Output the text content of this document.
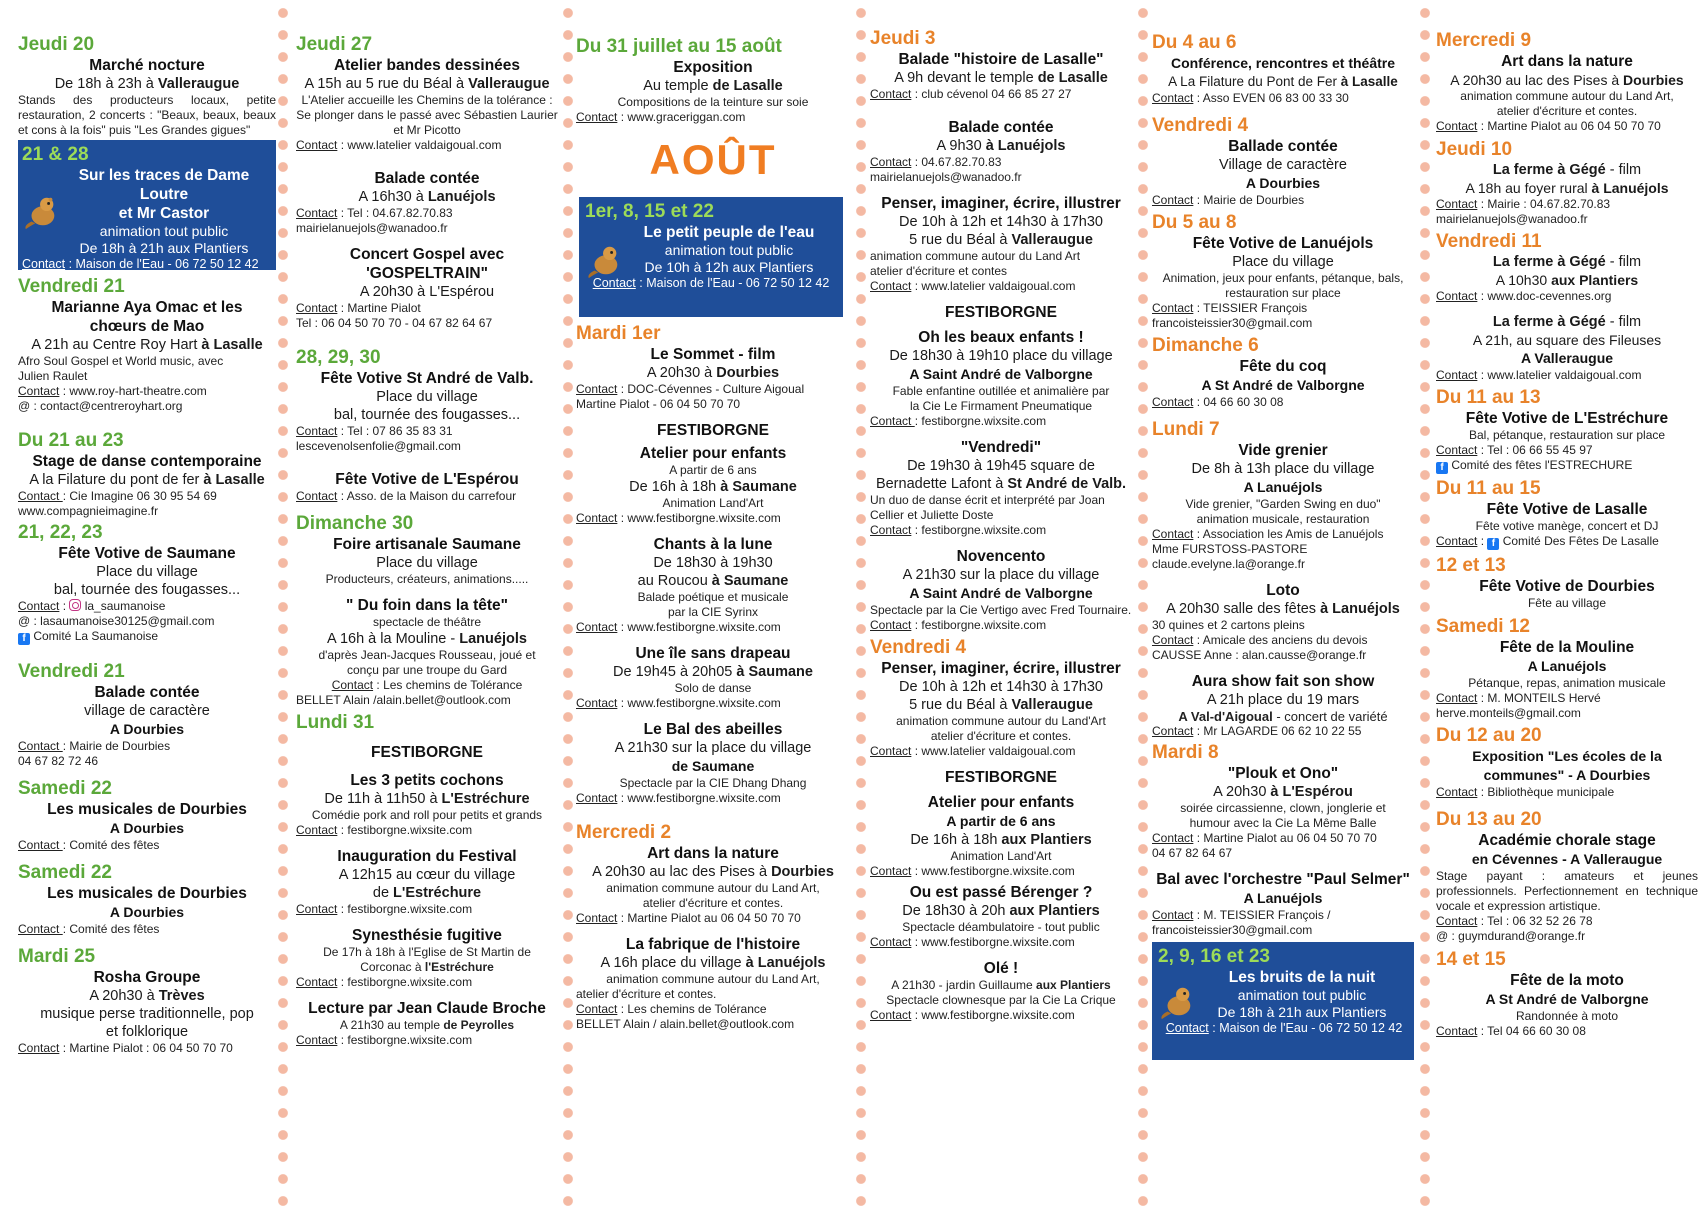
Jeudi 20
Marché nocture
De 18h à 23h à Valleraugue
Stands des producteurs locaux, petite restauration, 2 concerts : "Beaux, beaux, beaux et cons à la fois" puis "Les Grandes gigues"
21 & 28
Sur les traces de Dame Loutre
et Mr Castor
animation tout public
De 18h à 21h aux Plantiers
Contact : Maison de l'Eau - 06 72 50 12 42
Vendredi 21
Marianne Aya Omac et les
chœurs de Mao
A 21h au Centre Roy Hart à Lasalle
Afro Soul Gospel et World music, avec
Julien Raulet
Contact : www.roy-hart-theatre.com
@ : contact@centreroyhart.org
Du 21 au 23
Stage de danse contemporaine
A la Filature du pont de fer à Lasalle
Contact : Cie Imagine 06 30 95 54 69
www.compagnieimagine.fr
21, 22, 23
Fête Votive de Saumane
Place du village
bal, tournée des fougasses...
Contact :  la_saumanoise
@ : lasaumanoise30125@gmail.com
f Comité La Saumanoise
Vendredi 21
Balade contée
village de caractère
A Dourbies
Contact : Mairie de Dourbies
04 67 82 72 46
Samedi 22
Les musicales de Dourbies
A Dourbies
Contact : Comité des fêtes
Samedi 22
Les musicales de Dourbies
A Dourbies
Contact : Comité des fêtes
Mardi 25
Rosha Groupe
A 20h30 à Trèves
musique perse traditionnelle, pop
et folklorique
Contact : Martine Pialot : 06 04 50 70 70
Jeudi 27
Atelier bandes dessinées
A 15h au 5 rue du Béal à Valleraugue
L'Atelier accueille les Chemins de la tolérance : Se plonger dans le passé avec Sébastien Laurier et Mr Picotto
Contact : www.latelier valdaigoual.com
Balade contée
A 16h30 à Lanuéjols
Contact : Tel : 04.67.82.70.83
mairielanuejols@wanadoo.fr
Concert Gospel avec
'GOSPELTRAIN"
A 20h30 à L'Espérou
Contact : Martine Pialot
Tel : 06 04 50 70 70 - 04 67 82 64 67
28, 29, 30
Fête Votive St André de Valb.
Place du village
bal, tournée des fougasses...
Contact : Tel : 07 86 35 83 31
lescevenolsenfolie@gmail.com
Fête Votive de L'Espérou
Contact : Asso. de la Maison du carrefour
Dimanche 30
Foire artisanale Saumane
Place du village
Producteurs, créateurs, animations.....
" Du foin dans la tête"
spectacle de théâtre
A 16h à la Mouline - Lanuéjols
d'après Jean-Jacques Rousseau, joué et
conçu par une troupe du Gard
Contact : Les chemins de Tolérance
BELLET Alain /alain.bellet@outlook.com
Lundi 31
FESTIBORGNE
Les 3 petits cochons
De 11h à 11h50 à L'Estréchure
Comédie pork and roll pour petits et grands
Contact : festiborgne.wixsite.com
Inauguration du Festival
A 12h15 au cœur du village
de L'Estréchure
Contact : festiborgne.wixsite.com
Synesthésie fugitive
De 17h à 18h à l'Eglise de St Martin de
Corconac à l'Estréchure
Contact : festiborgne.wixsite.com
Lecture par Jean Claude Broche
A 21h30 au temple de Peyrolles
Contact : festiborgne.wixsite.com
Du 31 juillet au 15 août
Exposition
Au temple de Lasalle
Compositions de la teinture sur soie
Contact : www.graceriggan.com
AOÛT
1er, 8, 15 et 22
Le petit peuple de l'eau
animation tout public
De 10h à 12h aux Plantiers
Contact : Maison de l'Eau - 06 72 50 12 42
Mardi 1er
Le Sommet - film
A 20h30 à Dourbies
Contact : DOC-Cévennes - Culture Aigoual
Martine Pialot - 06 04 50 70 70
FESTIBORGNE
Atelier pour enfants
A partir de 6 ans
De 16h à 18h à Saumane
Animation Land'Art
Contact : www.festiborgne.wixsite.com
Chants à la lune
De 18h30 à 19h30
au Roucou à Saumane
Balade poétique et musicale
par la CIE Syrinx
Contact : www.festiborgne.wixsite.com
Une île sans drapeau
De 19h45 à 20h05 à Saumane
Solo de danse
Contact : www.festiborgne.wixsite.com
Le Bal des abeilles
A 21h30 sur la place du village
de Saumane
Spectacle par la CIE Dhang Dhang
Contact : www.festiborgne.wixsite.com
Mercredi 2
Art dans la nature
A 20h30 au lac des Pises à Dourbies
animation commune autour du Land Art,
atelier d'écriture et contes.
Contact : Martine Pialot au 06 04 50 70 70
La fabrique de l'histoire
A 16h place du village à Lanuéjols
animation commune autour du Land Art,
atelier d'écriture et contes.
Contact : Les chemins de Tolérance
BELLET Alain / alain.bellet@outlook.com
Jeudi 3
Balade "histoire de Lasalle"
A 9h devant le temple de Lasalle
Contact : club cévenol 04 66 85 27 27
Balade contée
A 9h30 à Lanuéjols
Contact : 04.67.82.70.83
mairielanuejols@wanadoo.fr
Penser, imaginer, écrire, illustrer
De 10h à 12h et 14h30 à 17h30
5 rue du Béal à Valleraugue
animation commune autour du Land Art
atelier d'écriture et contes
Contact : www.latelier valdaigoual.com
FESTIBORGNE
Oh les beaux enfants !
De 18h30 à 19h10 place du village
A Saint André de Valborgne
Fable enfantine outillée et animalière par
la Cie Le Firmament Pneumatique
Contact : festiborgne.wixsite.com
"Vendredi"
De 19h30 à 19h45 square de
Bernadette Lafont à St André de Valb.
Un duo de danse écrit et interprété par Joan Cellier et Juliette Doste
Contact : festiborgne.wixsite.com
Novencento
A 21h30 sur la place du village
A Saint André de Valborgne
Spectacle par la Cie Vertigo avec Fred Tournaire.
Contact : festiborgne.wixsite.com
Vendredi 4
Penser, imaginer, écrire, illustrer
De 10h à 12h et 14h30 à 17h30
5 rue du Béal à Valleraugue
animation commune autour du Land'Art
atelier d'écriture et contes.
Contact : www.latelier valdaigoual.com
FESTIBORGNE
Atelier pour enfants
A partir de 6 ans
De 16h à 18h aux Plantiers
Animation Land'Art
Contact : www.festiborgne.wixsite.com
Ou est passé Bérenger ?
De 18h30 à 20h aux Plantiers
Spectacle déambulatoire - tout public
Contact : www.festiborgne.wixsite.com
Olé !
A 21h30 - jardin Guillaume aux Plantiers
Spectacle clownesque par la Cie La Crique
Contact : www.festiborgne.wixsite.com
Du 4 au 6
Conférence, rencontres et théâtre
A La Filature du Pont de Fer à Lasalle
Contact : Asso EVEN 06 83 00 33 30
Vendredi 4
Ballade contée
Village de caractère
A Dourbies
Contact : Mairie de Dourbies
Du 5 au 8
Fête Votive de Lanuéjols
Place du village
Animation, jeux pour enfants, pétanque, bals,
restauration sur place
Contact : TEISSIER François
francoisteissier30@gmail.com
Dimanche 6
Fête du coq
A St André de Valborgne
Contact : 04 66 60 30 08
Lundi 7
Vide grenier
De 8h à 13h place du village
A Lanuéjols
Vide grenier, "Garden Swing en duo"
animation musicale, restauration
Contact : Association les Amis de Lanuéjols
Mme FURSTOSS-PASTORE
claude.evelyne.la@orange.fr
Loto
A 20h30 salle des fêtes à Lanuéjols
30 quines et 2 cartons pleins
Contact : Amicale des anciens du devois
CAUSSE Anne : alan.causse@orange.fr
Aura show fait son show
A 21h place du 19 mars
A Val-d'Aigoual - concert de variété
Contact : Mr LAGARDE 06 62 10 22 55
Mardi 8
"Plouk et Ono"
A 20h30 à L'Espérou
soirée circassienne, clown, jonglerie et
humour avec la Cie La Même Balle
Contact : Martine Pialot au 06 04 50 70 70
04 67 82 64 67
Bal avec l'orchestre "Paul Selmer"
A Lanuéjols
Contact : M. TEISSIER François /
francoisteissier30@gmail.com
2, 9, 16 et 23
Les bruits de la nuit
animation tout public
De 18h à 21h aux Plantiers
Contact : Maison de l'Eau - 06 72 50 12 42
Mercredi 9
Art dans la nature
A 20h30 au lac des Pises à Dourbies
animation commune autour du Land Art,
atelier d'écriture et contes.
Contact : Martine Pialot au 06 04 50 70 70
Jeudi 10
La ferme à Gégé - film
A 18h au foyer rural à Lanuéjols
Contact : Mairie : 04.67.82.70.83
mairielanuejols@wanadoo.fr
Vendredi 11
La ferme à Gégé - film
A 10h30 aux Plantiers
Contact : www.doc-cevennes.org
La ferme à Gégé - film
A 21h, au square des Fileuses
A Valleraugue
Contact : www.latelier valdaigoual.com
Du 11 au 13
Fête Votive de L'Estréchure
Bal, pétanque, restauration sur place
Contact : Tel : 06 66 55 45 97
f Comité des fêtes l'ESTRECHURE
Du 11 au 15
Fête Votive de Lasalle
Fête votive manège, concert et DJ
Contact : f Comité Des Fêtes De Lasalle
12 et 13
Fête Votive de Dourbies
Fête au village
Samedi 12
Fête de la Mouline
A Lanuéjols
Pétanque, repas, animation musicale
Contact : M. MONTEILS Hervé
herve.monteils@gmail.com
Du 12 au 20
Exposition "Les écoles de la
communes" - A Dourbies
Contact : Bibliothèque municipale
Du 13 au 20
Académie chorale stage
en Cévennes - A Valleraugue
Stage payant : amateurs et jeunes professionnels. Perfectionnement en technique vocale et expression artistique.
Contact : Tel : 06 32 52 26 78
@ : guymdurand@orange.fr
14 et 15
Fête de la moto
A St André de Valborgne
Randonnée à moto
Contact : Tel 04 66 60 30 08
